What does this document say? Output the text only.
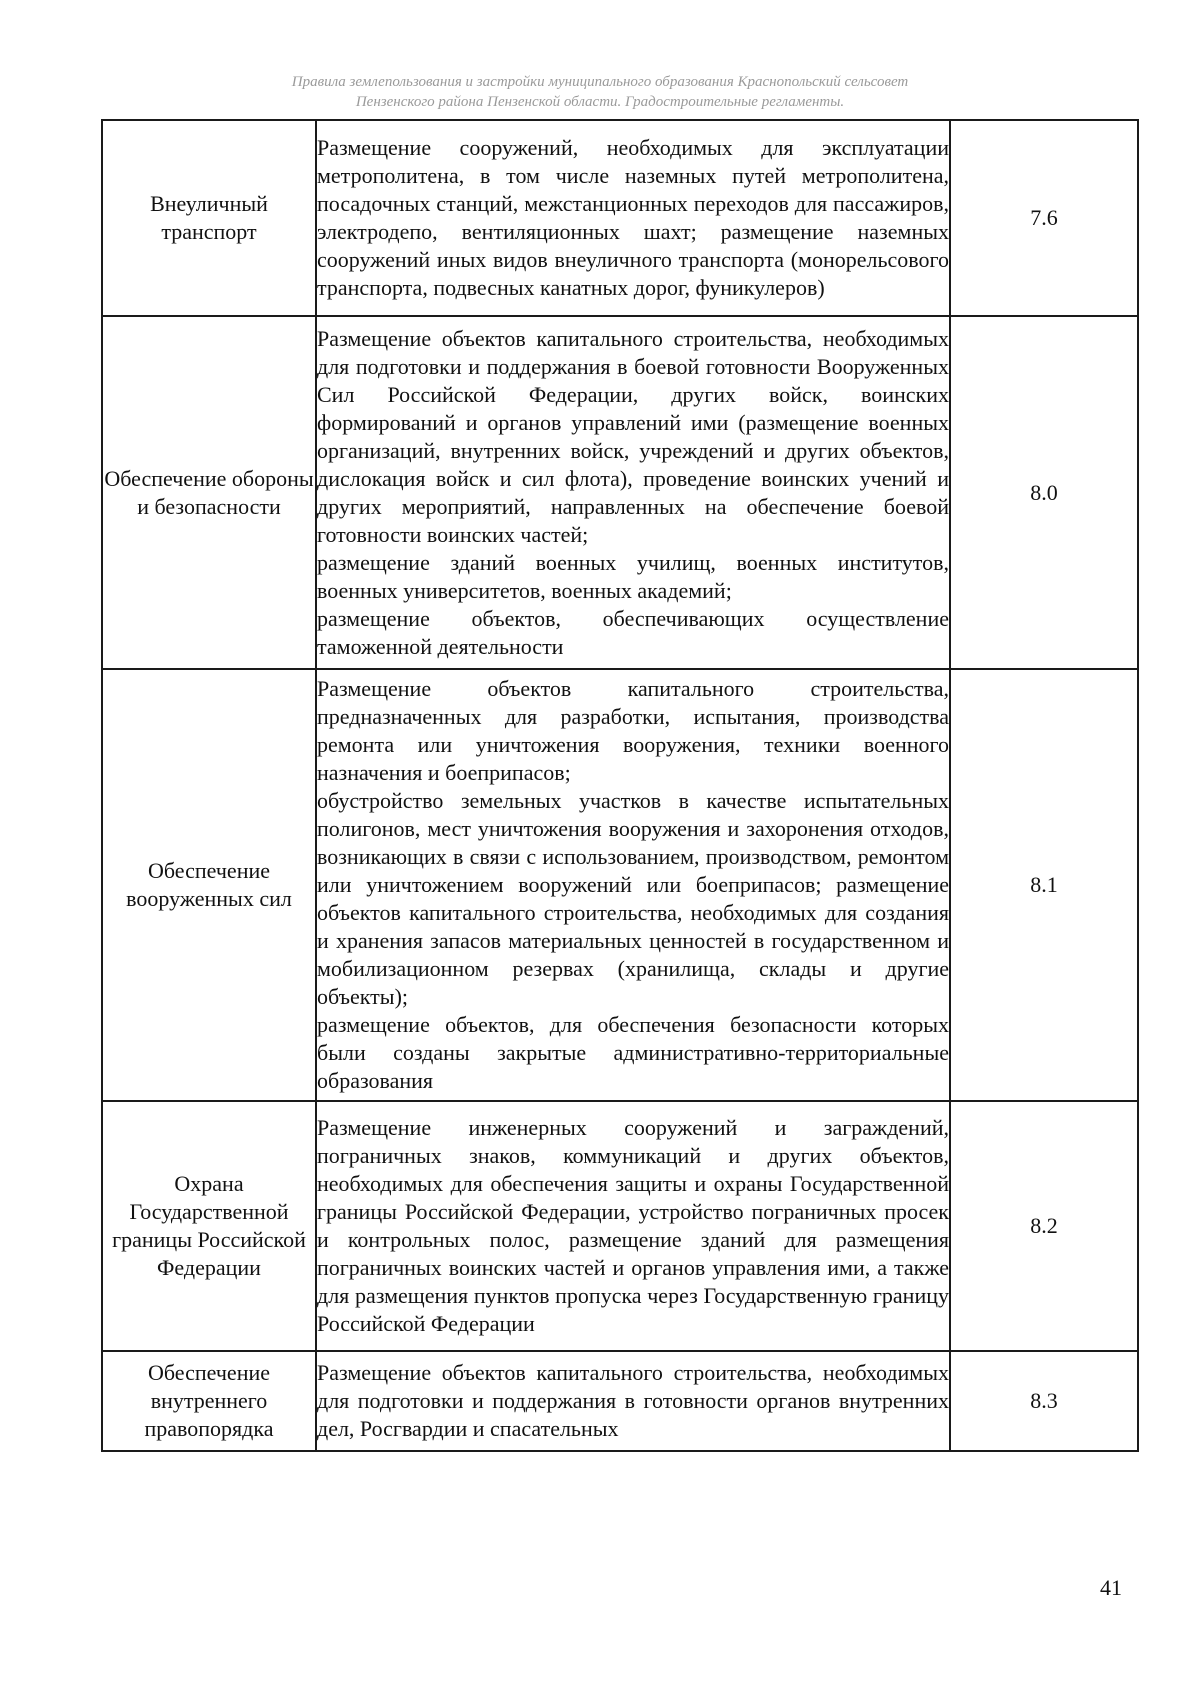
Правила землепользования и застройки муниципального образования Краснопольский сельсовет
Пензенского района Пензенской области. Градостроительные регламенты.
Внеуличный транспорт	Размещение сооружений, необходимых для эксплуатации метрополитена, в том числе наземных путей метрополитена, посадочных станций, межстанционных переходов для пассажиров, электродепо, вентиляционных шахт; размещение наземных сооружений иных видов внеуличного транспорта (монорельсового транспорта, подвесных канатных дорог, фуникулеров)	7.6
Обеспечение обороны и безопасности	Размещение объектов капитального строительства, необходимых для подготовки и поддержания в боевой готовности Вооруженных Сил Российской Федерации, других войск, воинских формирований и органов управлений ими (размещение военных организаций, внутренних войск, учреждений и других объектов, дислокация войск и сил флота), проведение воинских учений и других мероприятий, направленных на обеспечение боевой готовности воинских частей;

размещение зданий военных училищ, военных институтов, военных университетов, военных академий;

размещение объектов, обеспечивающих осуществление таможенной деятельности	8.0
Обеспечение вооруженных сил	Размещение объектов капитального строительства, предназначенных для разработки, испытания, производства ремонта или уничтожения вооружения, техники военного назначения и боеприпасов;

обустройство земельных участков в качестве испытательных полигонов, мест уничтожения вооружения и захоронения отходов, возникающих в связи с использованием, производством, ремонтом или уничтожением вооружений или боеприпасов; размещение объектов капитального строительства, необходимых для создания и хранения запасов материальных ценностей в государственном и мобилизационном резервах (хранилища, склады и другие объекты);

размещение объектов, для обеспечения безопасности которых были созданы закрытые административно-территориальные образования	8.1
Охрана Государственной границы Российской Федерации	Размещение инженерных сооружений и заграждений, пограничных знаков, коммуникаций и других объектов, необходимых для обеспечения защиты и охраны Государственной границы Российской Федерации, устройство пограничных просек и контрольных полос, размещение зданий для размещения пограничных воинских частей и органов управления ими, а также для размещения пунктов пропуска через Государственную границу Российской Федерации	8.2
Обеспечение внутреннего правопорядка	Размещение объектов капитального строительства, необходимых для подготовки и поддержания в готовности органов внутренних дел, Росгвардии и спасательных	8.3
41
